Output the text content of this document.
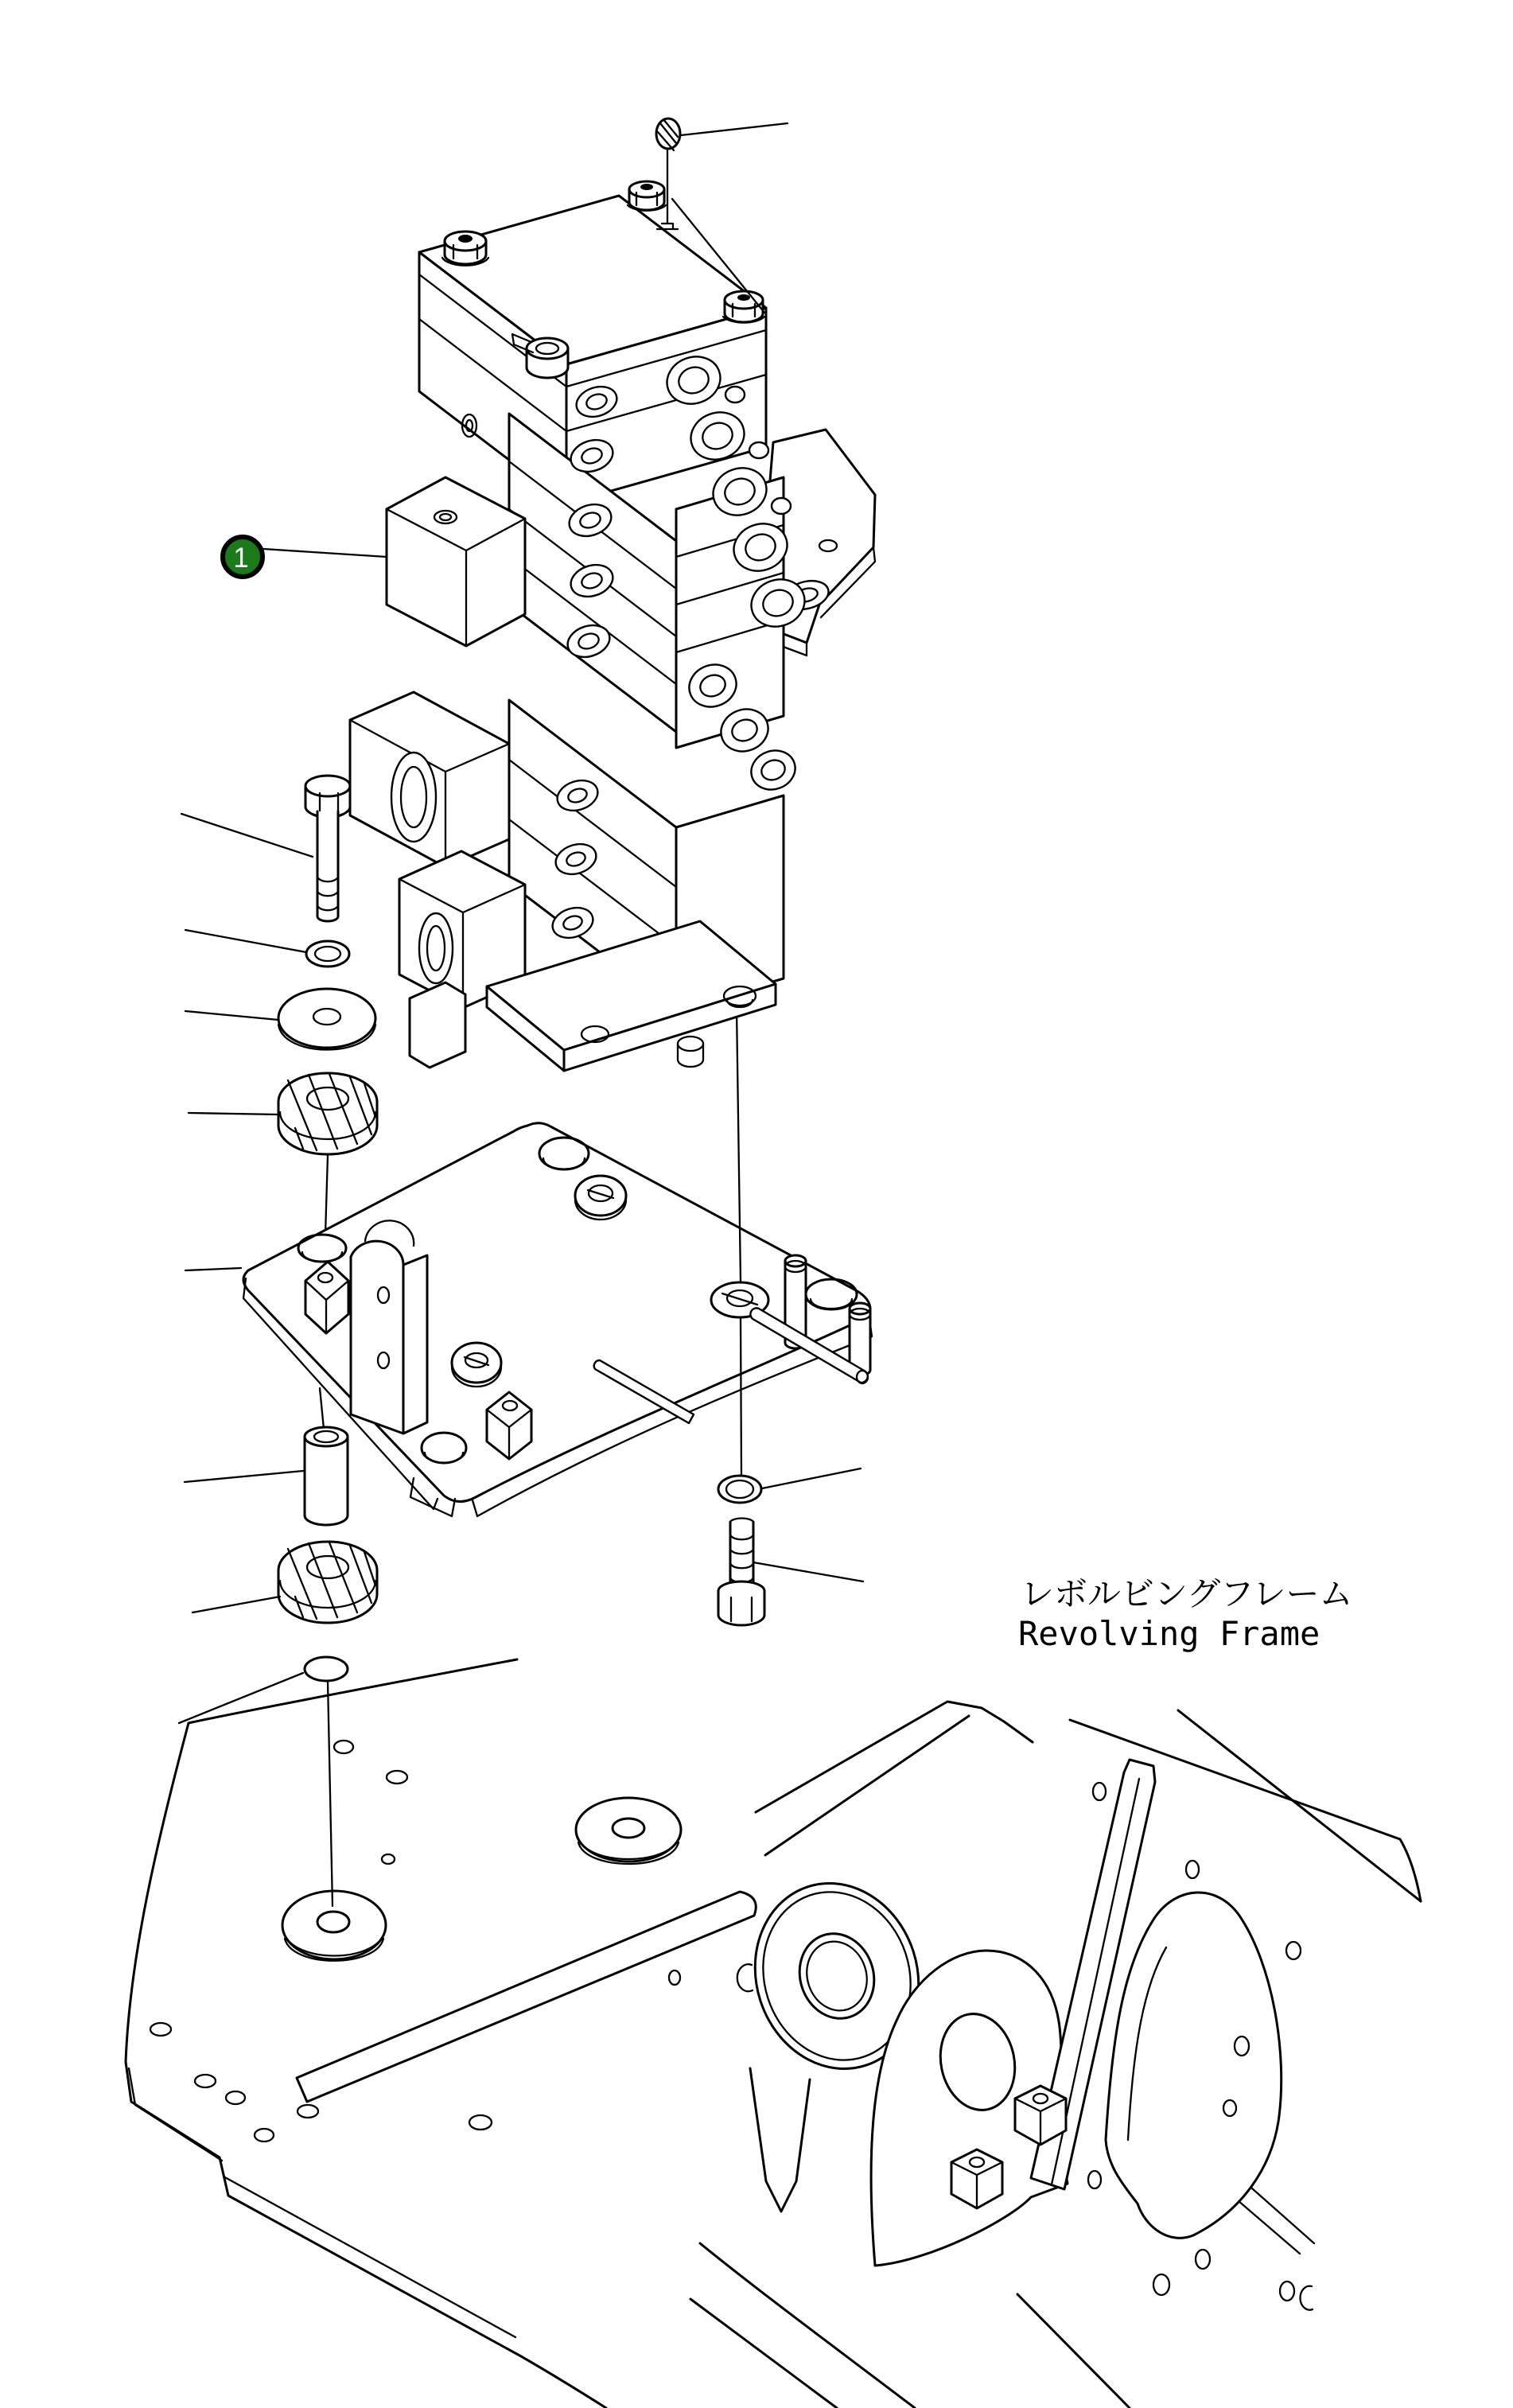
1
レボルビングフレーム
Revolving Frame
